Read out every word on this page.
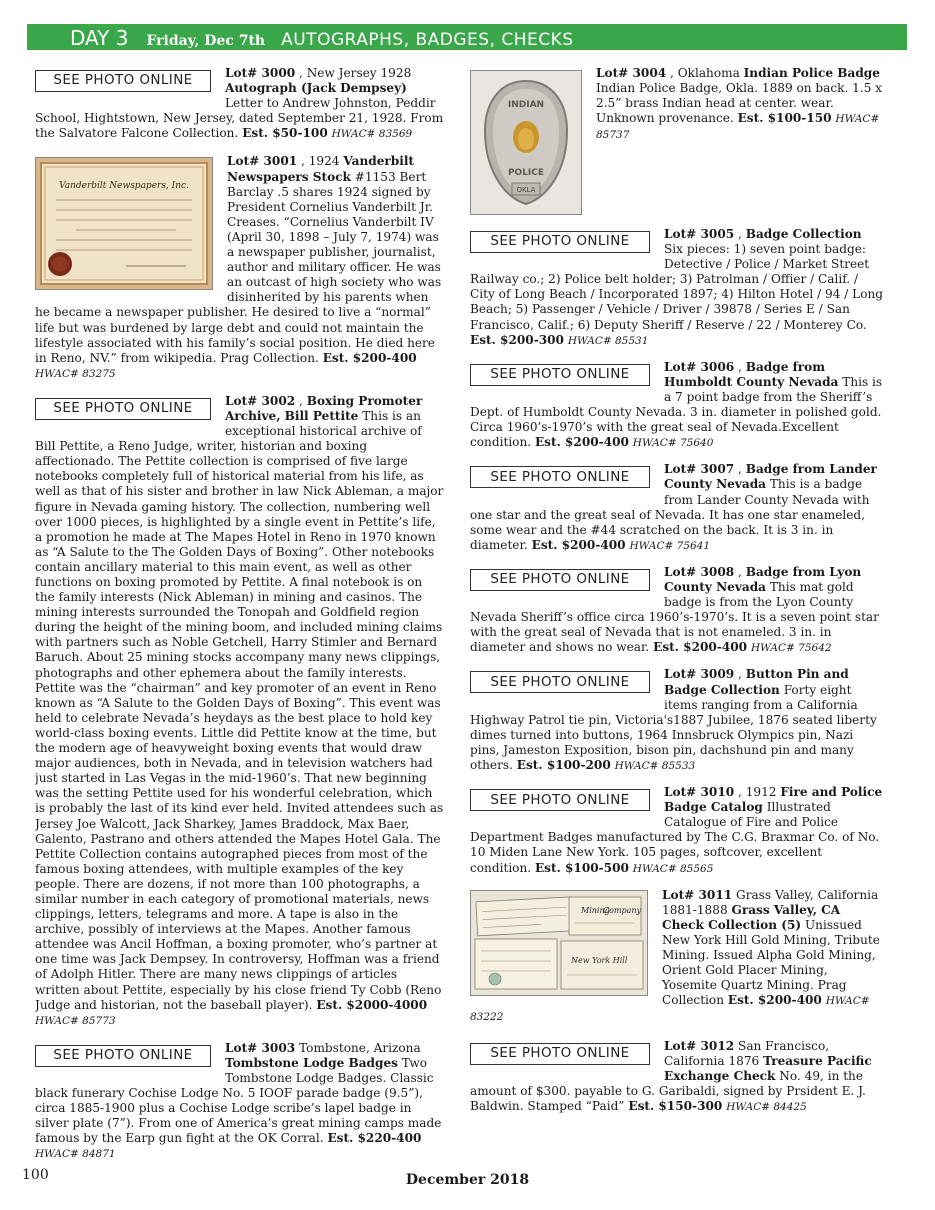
DAY 3 Friday, Dec 7th AUTOGRAPHS, BADGES, CHECKS
SEE PHOTO ONLINE	Lot# 3000 , New Jersey 1928 Autograph (Jack Dempsey)
Letter to Andrew Johnston, Peddir School, Hightstown, New Jersey, dated September 21, 1928. From the Salvatore Falcone Collection. Est. $50-100 HWAC# 83569
Vanderbilt Newspapers, Inc.
Lot# 3001 , 1924 Vanderbilt Newspapers Stock #1153 Bert Barclay .5 shares 1924 signed by President Cornelius Vanderbilt Jr. Creases. “Cornelius Vanderbilt IV (April 30, 1898 – July 7, 1974) was a newspaper publisher, journalist, author and military officer. He was an outcast of high society who was disinherited by his parents when he became a newspaper publisher. He desired to live a “normal” life but was burdened by large debt and could not maintain the lifestyle associated with his family’s social position. He died here in Reno, NV.” from wikipedia. Prag Collection. Est. $200-400 HWAC# 83275
SEE PHOTO ONLINE	Lot# 3002 , Boxing Promoter Archive, Bill Pettite This is an exceptional historical archive of Bill Pettite, a Reno Judge, writer, historian and boxing affectionado. The Pettite collection is comprised of five large notebooks completely full of historical material from his life, as well as that of his sister and brother in law Nick Ableman, a major figure in Nevada gaming history. The collection, numbering well over 1000 pieces, is highlighted by a single event in Pettite’s life, a promotion he made at The Mapes Hotel in Reno in 1970 known as “A Salute to the The Golden Days of Boxing”. Other notebooks contain ancillary material to this main event, as well as other functions on boxing promoted by Pettite. A final notebook is on the family interests (Nick Ableman) in mining and casinos. The mining interests surrounded the Tonopah and Goldfield region during the height of the mining boom, and included mining claims with partners such as Noble Getchell, Harry Stimler and Bernard Baruch. About 25 mining stocks accompany many news clippings, photographs and other ephemera about the family interests. Pettite was the “chairman” and key promoter of an event in Reno known as “A Salute to the Golden Days of Boxing”. This event was held to celebrate Nevada’s heydays as the best place to hold key world-class boxing events. Little did Pettite know at the time, but the modern age of heavyweight boxing events that would draw major audiences, both in Nevada, and in television watchers had just started in Las Vegas in the mid-1960’s. That new beginning was the setting Pettite used for his wonderful celebration, which is probably the last of its kind ever held. Invited attendees such as Jersey Joe Walcott, Jack Sharkey, James Braddock, Max Baer, Galento, Pastrano and others attended the Mapes Hotel Gala. The Pettite Collection contains autographed pieces from most of the famous boxing attendees, with multiple examples of the key people. There are dozens, if not more than 100 photographs, a similar number in each category of promotional materials, news clippings, letters, telegrams and more. A tape is also in the archive, possibly of interviews at the Mapes. Another famous attendee was Ancil Hoffman, a boxing promoter, who’s partner at one time was Jack Dempsey. In controversy, Hoffman was a friend of Adolph Hitler. There are many news clippings of articles written about Pettite, especially by his close friend Ty Cobb (Reno Judge and historian, not the baseball player). Est. $2000-4000 HWAC# 85773
SEE PHOTO ONLINE	Lot# 3003 Tombstone, Arizona Tombstone Lodge Badges Two Tombstone Lodge Badges. Classic black funerary Cochise Lodge No. 5 IOOF parade badge (9.5”), circa 1885-1900 plus a Cochise Lodge scribe’s lapel badge in silver plate (7”). From one of America’s great mining camps made famous by the Earp gun fight at the OK Corral. Est. $220-400 HWAC# 84871
INDIAN
POLICE
OKLA
Lot# 3004 , Oklahoma Indian Police Badge
Indian Police Badge, Okla. 1889 on back. 1.5 x 2.5” brass Indian head at center. wear. Unknown provenance. Est. $100-150 HWAC# 85737
SEE PHOTO ONLINE	Lot# 3005 , Badge Collection
Six pieces: 1) seven point badge: Detective / Police / Market Street Railway co.; 2) Police belt holder; 3) Patrolman / Offier / Calif. / City of Long Beach / Incorporated 1897; 4) Hilton Hotel / 94 / Long Beach; 5) Passenger / Vehicle / Driver / 39878 / Series E / San Francisco, Calif.; 6) Deputy Sheriff / Reserve / 22 / Monterey Co. Est. $200-300 HWAC# 85531
SEE PHOTO ONLINE	Lot# 3006 , Badge from Humboldt County Nevada This is a 7 point badge from the Sheriff’s Dept. of Humboldt County Nevada. 3 in. diameter in polished gold. Circa 1960’s-1970’s with the great seal of Nevada.Excellent condition. Est. $200-400 HWAC# 75640
SEE PHOTO ONLINE	Lot# 3007 , Badge from Lander County Nevada This is a badge from Lander County Nevada with one star and the great seal of Nevada. It has one star enameled, some wear and the #44 scratched on the back. It is 3 in. in diameter. Est. $200-400 HWAC# 75641
SEE PHOTO ONLINE	Lot# 3008 , Badge from Lyon County Nevada This mat gold badge is from the Lyon County Nevada Sheriff’s office circa 1960’s-1970’s. It is a seven point star with the great seal of Nevada that is not enameled. 3 in. in diameter and shows no wear. Est. $200-400 HWAC# 75642
SEE PHOTO ONLINE	Lot# 3009 , Button Pin and Badge Collection Forty eight items ranging from a California Highway Patrol tie pin, Victoria's1887 Jubilee, 1876 seated liberty dimes turned into buttons, 1964 Innsbruck Olympics pin, Nazi pins, Jameston Exposition, bison pin, dachshund pin and many others. Est. $100-200 HWAC# 85533
SEE PHOTO ONLINE	Lot# 3010 , 1912 Fire and Police Badge Catalog Illustrated Catalogue of Fire and Police Department Badges manufactured by The C.G. Braxmar Co. of No. 10 Miden Lane New York. 105 pages, softcover, excellent condition. Est. $100-500 HWAC# 85565
Mining
Company
New York Hill
Lot# 3011 Grass Valley, California 1881-1888 Grass Valley, CA Check Collection (5) Unissued New York Hill Gold Mining, Tribute Mining. Issued Alpha Gold Mining, Orient Gold Placer Mining, Yosemite Quartz Mining. Prag Collection Est. $200-400 HWAC# 83222
SEE PHOTO ONLINE	Lot# 3012 San Francisco, California 1876 Treasure Pacific Exchange Check No. 49, in the amount of $300. payable to G. Garibaldi, signed by Prsident E. J. Baldwin. Stamped “Paid” Est. $150-300 HWAC# 84425
100	December 2018
